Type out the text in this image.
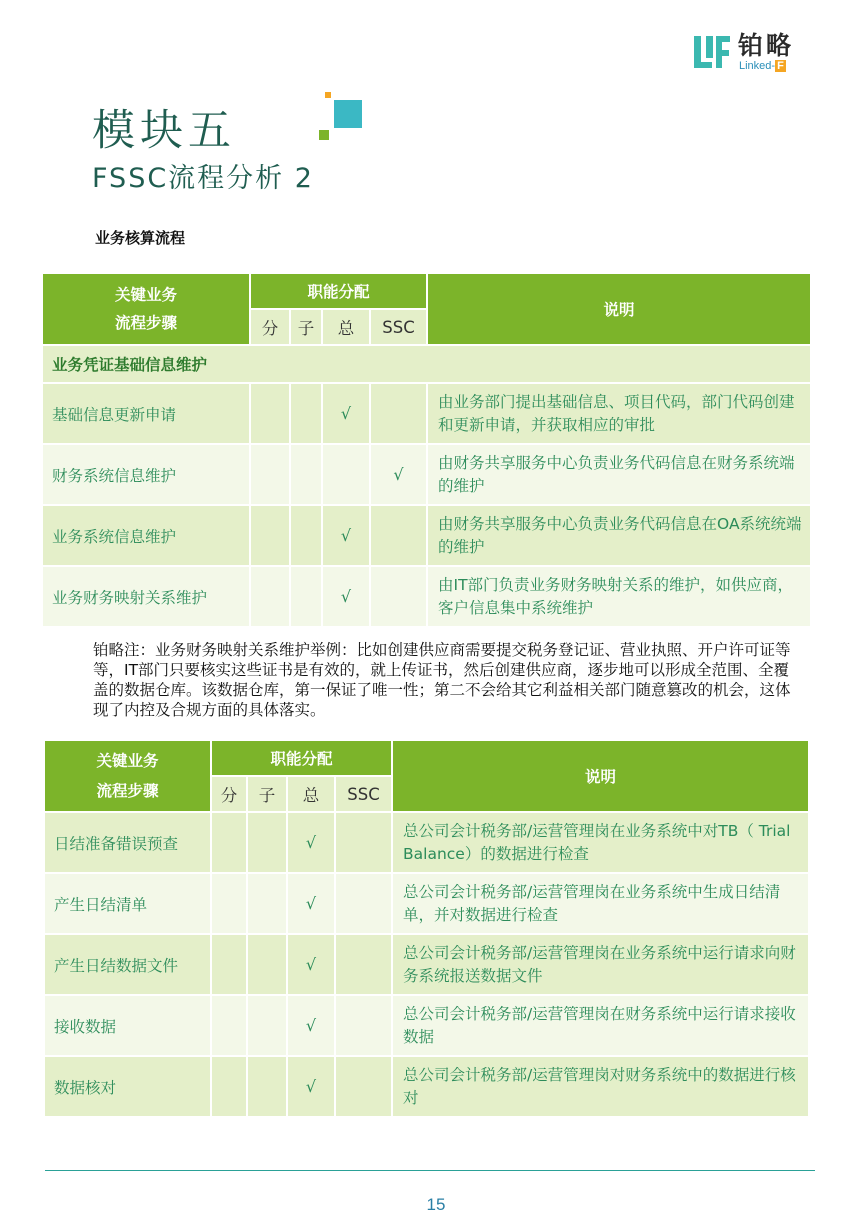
铂略
Linked- F
模块五
FSSC流程分析 2
业务核算流程
关键业务
流程步骤	职能分配				说明
	分	子	总	SSC	
业务凭证基础信息维护					
基础信息更新申请			√		由业务部门提出基础信息、项目代码，部门代码创建和更新申请，并获取相应的审批
财务系统信息维护				√	由财务共享服务中心负责业务代码信息在财务系统端的维护
业务系统信息维护			√		由财务共享服务中心负责业务代码信息在OA系统统端的维护
业务财务映射关系维护			√		由IT部门负责业务财务映射关系的维护，如供应商，客户信息集中系统维护
铂略注：业务财务映射关系维护举例：比如创建供应商需要提交税务登记证、营业执照、开户许可证等等，IT部门只要核实这些证书是有效的，就上传证书，然后创建供应商，逐步地可以形成全范围、全覆盖的数据仓库。该数据仓库，第一保证了唯一性；第二不会给其它利益相关部门随意篡改的机会，这体现了内控及合规方面的具体落实。
关键业务
流程步骤	职能分配				说明
	分	子	总	SSC	
日结准备错误预查			√		总公司会计税务部/运营管理岗在业务系统中对TB（ Trial Balance）的数据进行检查
产生日结清单			√		总公司会计税务部/运营管理岗在业务系统中生成日结清单，并对数据进行检查
产生日结数据文件			√		总公司会计税务部/运营管理岗在业务系统中运行请求向财务系统报送数据文件
接收数据			√		总公司会计税务部/运营管理岗在财务系统中运行请求接收数据
数据核对			√		总公司会计税务部/运营管理岗对财务系统中的数据进行核对
15
